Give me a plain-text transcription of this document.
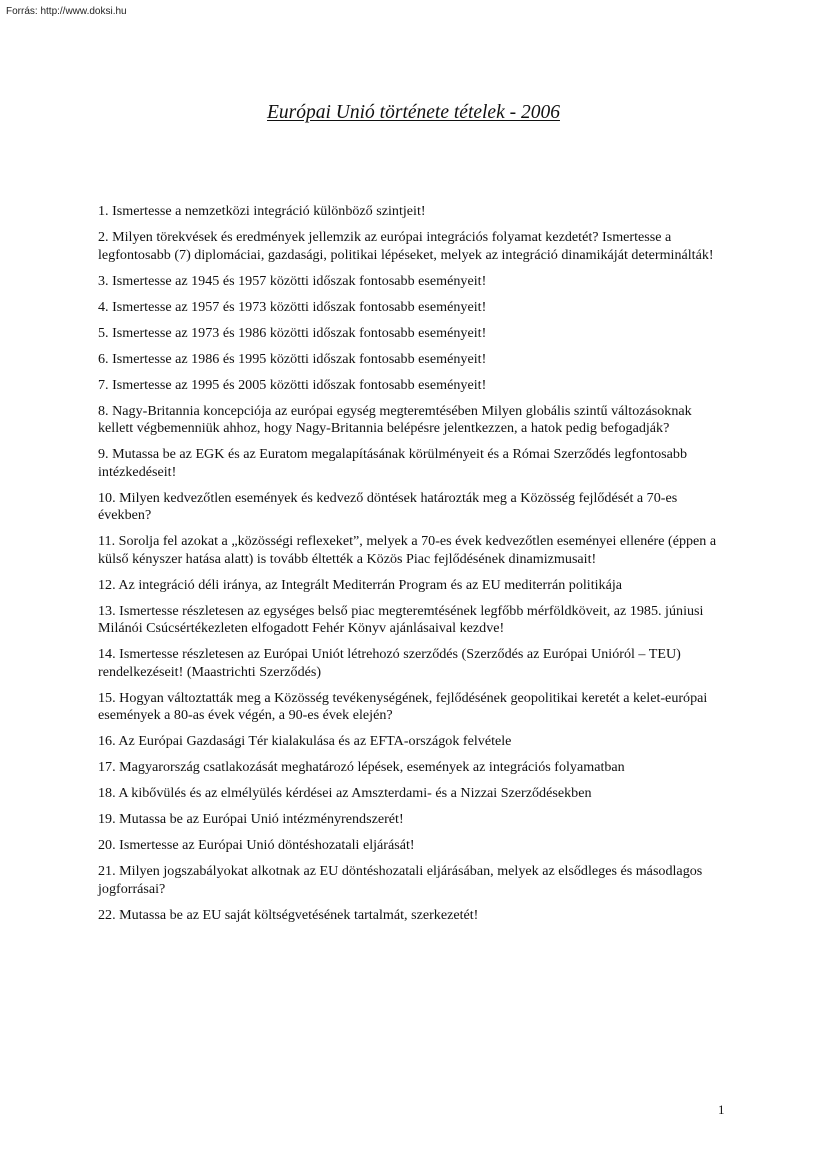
Forrás: http://www.doksi.hu
Európai Unió története tételek - 2006
1. Ismertesse a nemzetközi integráció különböző szintjeit!
2. Milyen törekvések és eredmények jellemzik az európai integrációs folyamat kezdetét? Ismertesse a legfontosabb (7) diplomáciai, gazdasági, politikai lépéseket, melyek az integráció dinamikáját determinálták!
3. Ismertesse az 1945 és 1957 közötti időszak fontosabb eseményeit!
4. Ismertesse az 1957 és 1973 közötti időszak fontosabb eseményeit!
5. Ismertesse az 1973 és 1986 közötti időszak fontosabb eseményeit!
6. Ismertesse az 1986 és 1995 közötti időszak fontosabb eseményeit!
7. Ismertesse az 1995 és 2005 közötti időszak fontosabb eseményeit!
8. Nagy-Britannia koncepciója az európai egység megteremtésében Milyen globális szintű változásoknak kellett végbemenniük ahhoz, hogy Nagy-Britannia belépésre jelentkezzen, a hatok pedig befogadják?
9. Mutassa be az EGK és az Euratom megalapításának körülményeit és a Római Szerződés legfontosabb intézkedéseit!
10. Milyen kedvezőtlen események és kedvező döntések határozták meg a Közösség fejlődését a 70-es években?
11. Sorolja fel azokat a „közösségi reflexeket”, melyek a 70-es évek kedvezőtlen eseményei ellenére (éppen a külső kényszer hatása alatt) is tovább éltették a Közös Piac fejlődésének dinamizmusait!
12. Az integráció déli iránya, az Integrált Mediterrán Program és az EU mediterrán politikája
13. Ismertesse részletesen az egységes belső piac megteremtésének legfőbb mérföldköveit, az 1985. júniusi Milánói Csúcsértékezleten elfogadott Fehér Könyv ajánlásaival kezdve!
14. Ismertesse részletesen az Európai Uniót létrehozó szerződés (Szerződés az Európai Unióról – TEU) rendelkezéseit! (Maastrichti Szerződés)
15. Hogyan változtatták meg a Közösség tevékenységének, fejlődésének geopolitikai keretét a kelet-európai események a 80-as évek végén, a 90-es évek elején?
16. Az Európai Gazdasági Tér kialakulása és az EFTA-országok felvétele
17. Magyarország csatlakozását meghatározó lépések, események az integrációs folyamatban
18. A kibővülés és az elmélyülés kérdései az Amszterdami- és a Nizzai Szerződésekben
19. Mutassa be az Európai Unió intézményrendszerét!
20. Ismertesse az Európai Unió döntéshozatali eljárását!
21. Milyen jogszabályokat alkotnak az EU döntéshozatali eljárásában, melyek az elsődleges és másodlagos jogforrásai?
22. Mutassa be az EU saját költségvetésének tartalmát, szerkezetét!
1
